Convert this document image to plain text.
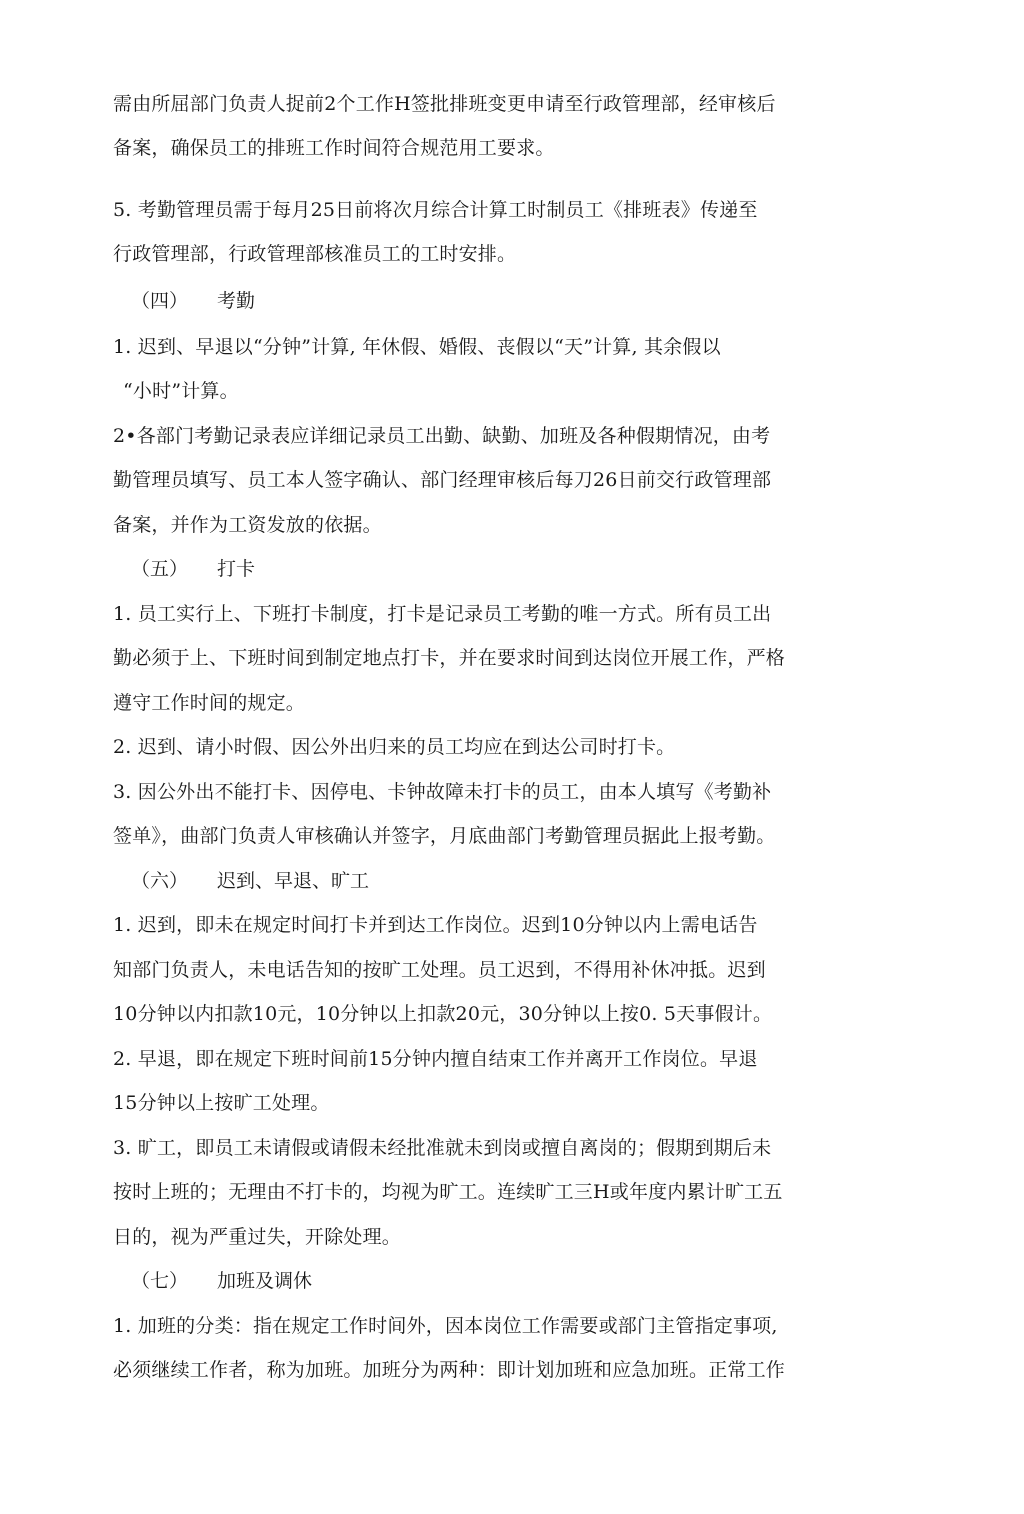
需由所屈部门负责人捉前2个工作H签批排班变更申请至行政管理部，经审核后
备案，确保员工的排班工作时间符合规范用工要求。
5. 考勤管理员需于每月25日前将次月综合计算工时制员工《排班表》传递至
行政管理部，行政管理部核准员工的工时安排。
（四） 考勤
1. 迟到、早退以“分钟”计算, 年休假、婚假、丧假以“天”计算, 其余假以
“小时”计算。
2•各部门考勤记录表应详细记录员工出勤、缺勤、加班及各种假期情况，由考
勤管理员填写、员工本人签字确认、部门经理审核后每刀26日前交行政管理部
备案，并作为工资发放的依据。
（五） 打卡
1. 员工实行上、下班打卡制度，打卡是记录员工考勤的唯一方式。所有员工出
勤必须于上、下班时间到制定地点打卡，并在要求时间到达岗位开展工作，严格
遵守工作时间的规定。
2. 迟到、请小时假、因公外出归来的员工均应在到达公司时打卡。
3. 因公外出不能打卡、因停电、卡钟故障未打卡的员工，由本人填写《考勤补
签单》，曲部门负责人审核确认并签字，月底曲部门考勤管理员据此上报考勤。
（六） 迟到、早退、旷工
1. 迟到，即未在规定时间打卡并到达工作岗位。迟到10分钟以内上需电话告
知部门负责人，未电话告知的按旷工处理。员工迟到，不得用补休冲抵。迟到
10分钟以内扣款10元，10分钟以上扣款20元，30分钟以上按0. 5天事假计。
2. 早退，即在规定下班时间前15分钟内擅自结束工作并离开工作岗位。早退
15分钟以上按旷工处理。
3. 旷工，即员工未请假或请假未经批准就未到岗或擅自离岗的；假期到期后未
按时上班的；无理由不打卡的，均视为旷工。连续旷工三H或年度内累计旷工五
日的，视为严重过失，开除处理。
（七） 加班及调休
1. 加班的分类：指在规定工作时间外，因本岗位工作需要或部门主管指定事项,
必须继续工作者，称为加班。加班分为两种：即计划加班和应急加班。正常工作
